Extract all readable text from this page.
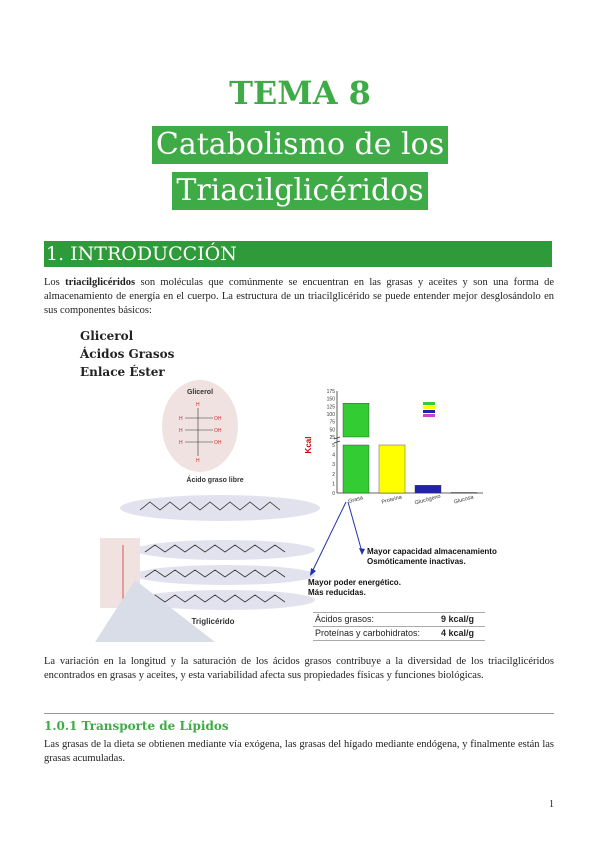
TEMA 8
Catabolismo de los
Triacilglicéridos
1. INTRODUCCIÓN
Los triacilglicéridos son moléculas que comúnmente se encuentran en las grasas y aceites y son una forma de almacenamiento de energía en el cuerpo. La estructura de un triacilglicérido se puede entender mejor desglosándolo en sus componentes básicos:
Glicerol
Ácidos Grasos
Enlace Éster
Glicerol
H
H
H
OH
OH
OH
H
H
Ácido graso libre
Triglicérido
Kcal
175
150
125
100
75
50
25
5
4
3
2
1
0
Grasa	Proteína Glucógeno Glucosa
Mayor capacidad almacenamiento
Osmóticamente inactivas.
Mayor poder energético.
Más reducidas.
Ácidos grasos:	9 kcal/g
Proteínas y carbohidratos: 4 kcal/g
La variación en la longitud y la saturación de los ácidos grasos contribuye a la diversidad de los triacilglicéridos encontrados en grasas y aceites, y esta variabilidad afecta sus propiedades físicas y funciones biológicas.
1.0.1 Transporte de Lípidos
Las grasas de la dieta se obtienen mediante vía exógena, las grasas del hígado mediante endógena, y finalmente están las grasas acumuladas.
1
